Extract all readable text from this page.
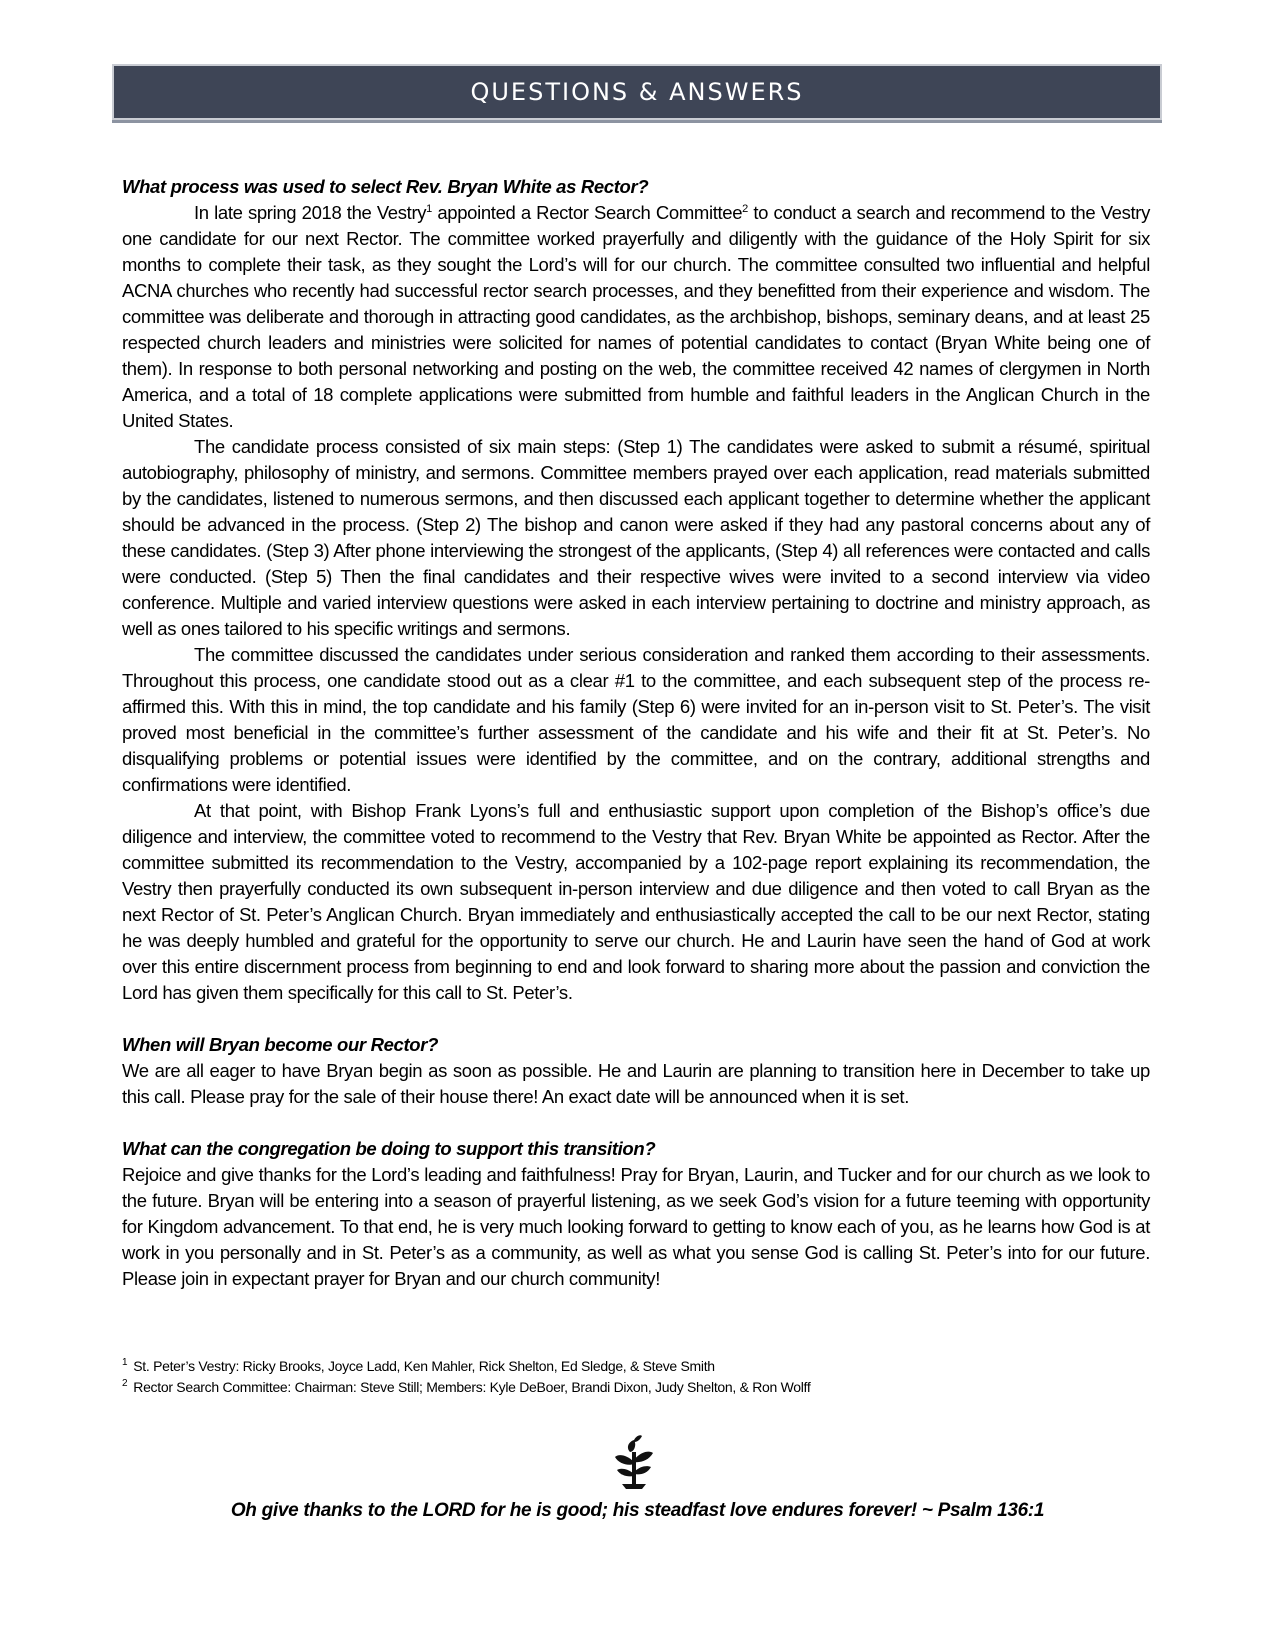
QUESTIONS & ANSWERS

What process was used to select Rev. Bryan White as Rector?

In late spring 2018 the Vestry$^1$ appointed a Rector Search Committee$^2$ to conduct a search and recommend to the Vestry one candidate for our next Rector. The committee worked prayerfully and diligently with the guidance of the Holy Spirit for six months to complete their task, as they sought the Lord’s will for our church. The committee consulted two influential and helpful ACNA churches who recently had successful rector search processes, and they benefitted from their experience and wisdom. The committee was deliberate and thorough in attracting good candidates, as the archbishop, bishops, seminary deans, and at least 25 respected church leaders and ministries were solicited for names of potential candidates to contact (Bryan White being one of them). In response to both personal networking and posting on the web, the committee received 42 names of clergymen in North America, and a total of 18 complete applications were submitted from humble and faithful leaders in the Anglican Church in the United States.

The candidate process consisted of six main steps: (Step 1) The candidates were asked to submit a résumé, spiritual autobiography, philosophy of ministry, and sermons. Committee members prayed over each application, read materials submitted by the candidates, listened to numerous sermons, and then discussed each applicant together to determine whether the applicant should be advanced in the process. (Step 2) The bishop and canon were asked if they had any pastoral concerns about any of these candidates. (Step 3) After phone interviewing the strongest of the applicants, (Step 4) all references were contacted and calls were conducted. (Step 5) Then the final candidates and their respective wives were invited to a second interview via video conference. Multiple and varied interview questions were asked in each interview pertaining to doctrine and ministry approach, as well as ones tailored to his specific writings and sermons.

The committee discussed the candidates under serious consideration and ranked them according to their assessments. Throughout this process, one candidate stood out as a clear #1 to the committee, and each subsequent step of the process re-affirmed this. With this in mind, the top candidate and his family (Step 6) were invited for an in-person visit to St. Peter’s. The visit proved most beneficial in the committee’s further assessment of the candidate and his wife and their fit at St. Peter’s. No disqualifying problems or potential issues were identified by the committee, and on the contrary, additional strengths and confirmations were identified.

At that point, with Bishop Frank Lyons’s full and enthusiastic support upon completion of the Bishop’s office’s due diligence and interview, the committee voted to recommend to the Vestry that Rev. Bryan White be appointed as Rector. After the committee submitted its recommendation to the Vestry, accompanied by a 102-page report explaining its recommendation, the Vestry then prayerfully conducted its own subsequent in-person interview and due diligence and then voted to call Bryan as the next Rector of St. Peter’s Anglican Church. Bryan immediately and enthusiastically accepted the call to be our next Rector, stating he was deeply humbled and grateful for the opportunity to serve our church. He and Laurin have seen the hand of God at work over this entire discernment process from beginning to end and look forward to sharing more about the passion and conviction the Lord has given them specifically for this call to St. Peter’s.

When will Bryan become our Rector?

We are all eager to have Bryan begin as soon as possible. He and Laurin are planning to transition here in December to take up this call. Please pray for the sale of their house there! An exact date will be announced when it is set.

What can the congregation be doing to support this transition?

Rejoice and give thanks for the Lord’s leading and faithfulness! Pray for Bryan, Laurin, and Tucker and for our church as we look to the future. Bryan will be entering into a season of prayerful listening, as we seek God’s vision for a future teeming with opportunity for Kingdom advancement. To that end, he is very much looking forward to getting to know each of you, as he learns how God is at work in you personally and in St. Peter’s as a community, as well as what you sense God is calling St. Peter’s into for our future. Please join in expectant prayer for Bryan and our church community!

$^1$ St. Peter’s Vestry: Ricky Brooks, Joyce Ladd, Ken Mahler, Rick Shelton, Ed Sledge, & Steve Smith

$^2$ Rector Search Committee: Chairman: Steve Still; Members: Kyle DeBoer, Brandi Dixon, Judy Shelton, & Ron Wolff

Oh give thanks to the LORD for he is good; his steadfast love endures forever! ~ Psalm 136:1
